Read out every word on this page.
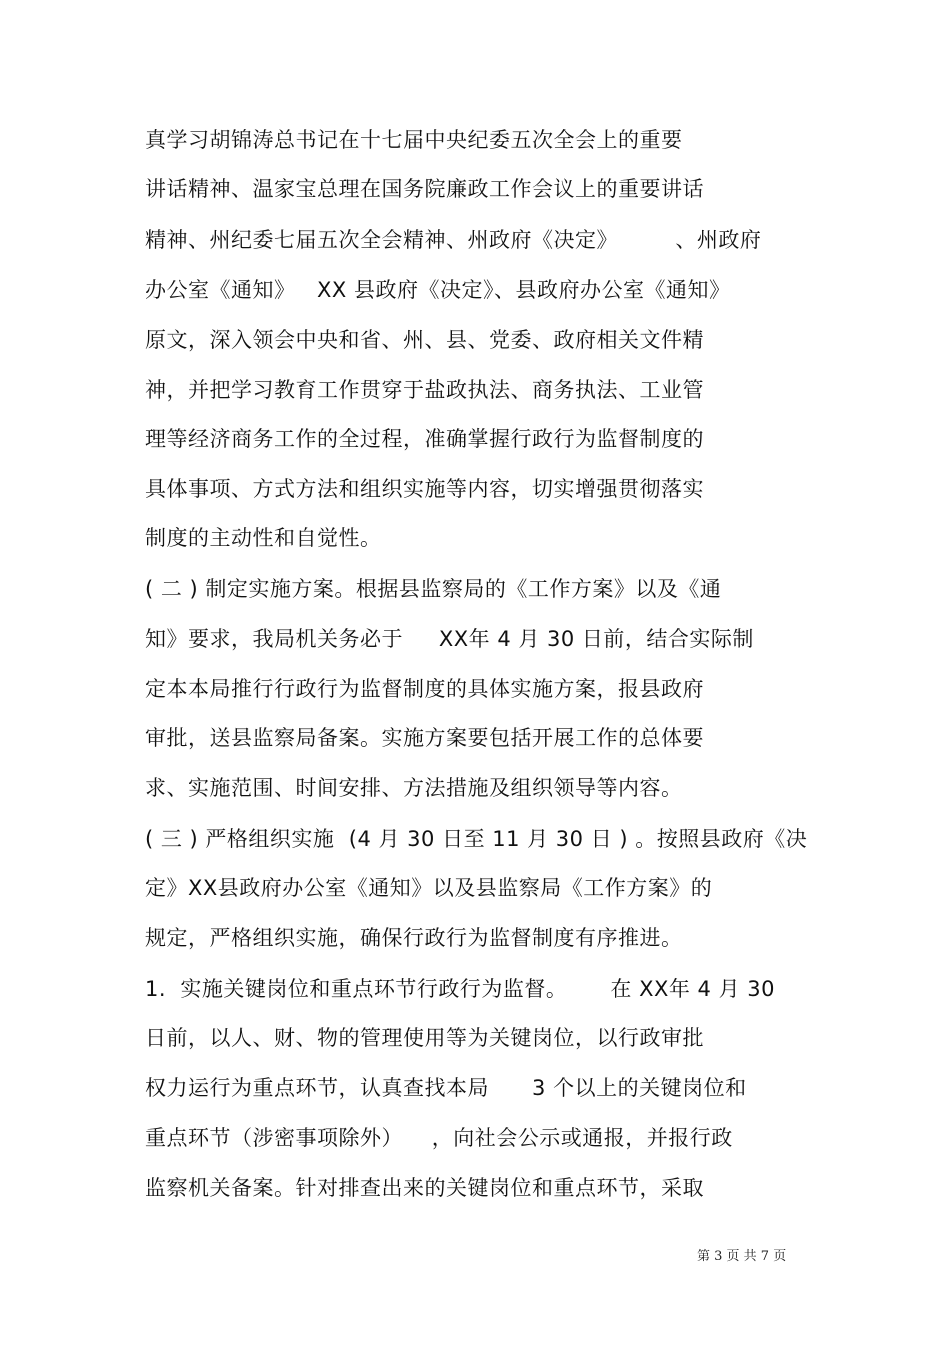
真学习胡锦涛总书记在十七届中央纪委五次全会上的重要
讲话精神、温家宝总理在国务院廉政工作会议上的重要讲话
精神、州纪委七届五次全会精神、州政府《决定》        、州政府
办公室《通知》   XX 县政府《决定》、县政府办公室《通知》
原文，深入领会中央和省、州、县、党委、政府相关文件精
神，并把学习教育工作贯穿于盐政执法、商务执法、工业管
理等经济商务工作的全过程，准确掌握行政行为监督制度的
具体事项、方式方法和组织实施等内容，切实增强贯彻落实
制度的主动性和自觉性。
( 二 ) 制定实施方案。根据县监察局的《工作方案》以及《通
知》要求，我局机关务必于     XX年 4 月 30 日前，结合实际制
定本本局推行行政行为监督制度的具体实施方案，报县政府
审批，送县监察局备案。实施方案要包括开展工作的总体要
求、实施范围、时间安排、方法措施及组织领导等内容。
( 三 ) 严格组织实施  (4 月 30 日至 11 月 30 日 ) 。按照县政府《决
定》XX县政府办公室《通知》以及县监察局《工作方案》的
规定，严格组织实施，确保行政行为监督制度有序推进。
1.  实施关键岗位和重点环节行政行为监督。      在 XX年 4 月 30
日前，以人、财、物的管理使用等为关键岗位，以行政审批
权力运行为重点环节，认真查找本局      3 个以上的关键岗位和
重点环节（涉密事项除外）    ，向社会公示或通报，并报行政
监察机关备案。针对排查出来的关键岗位和重点环节，采取
第 3 页 共 7 页
